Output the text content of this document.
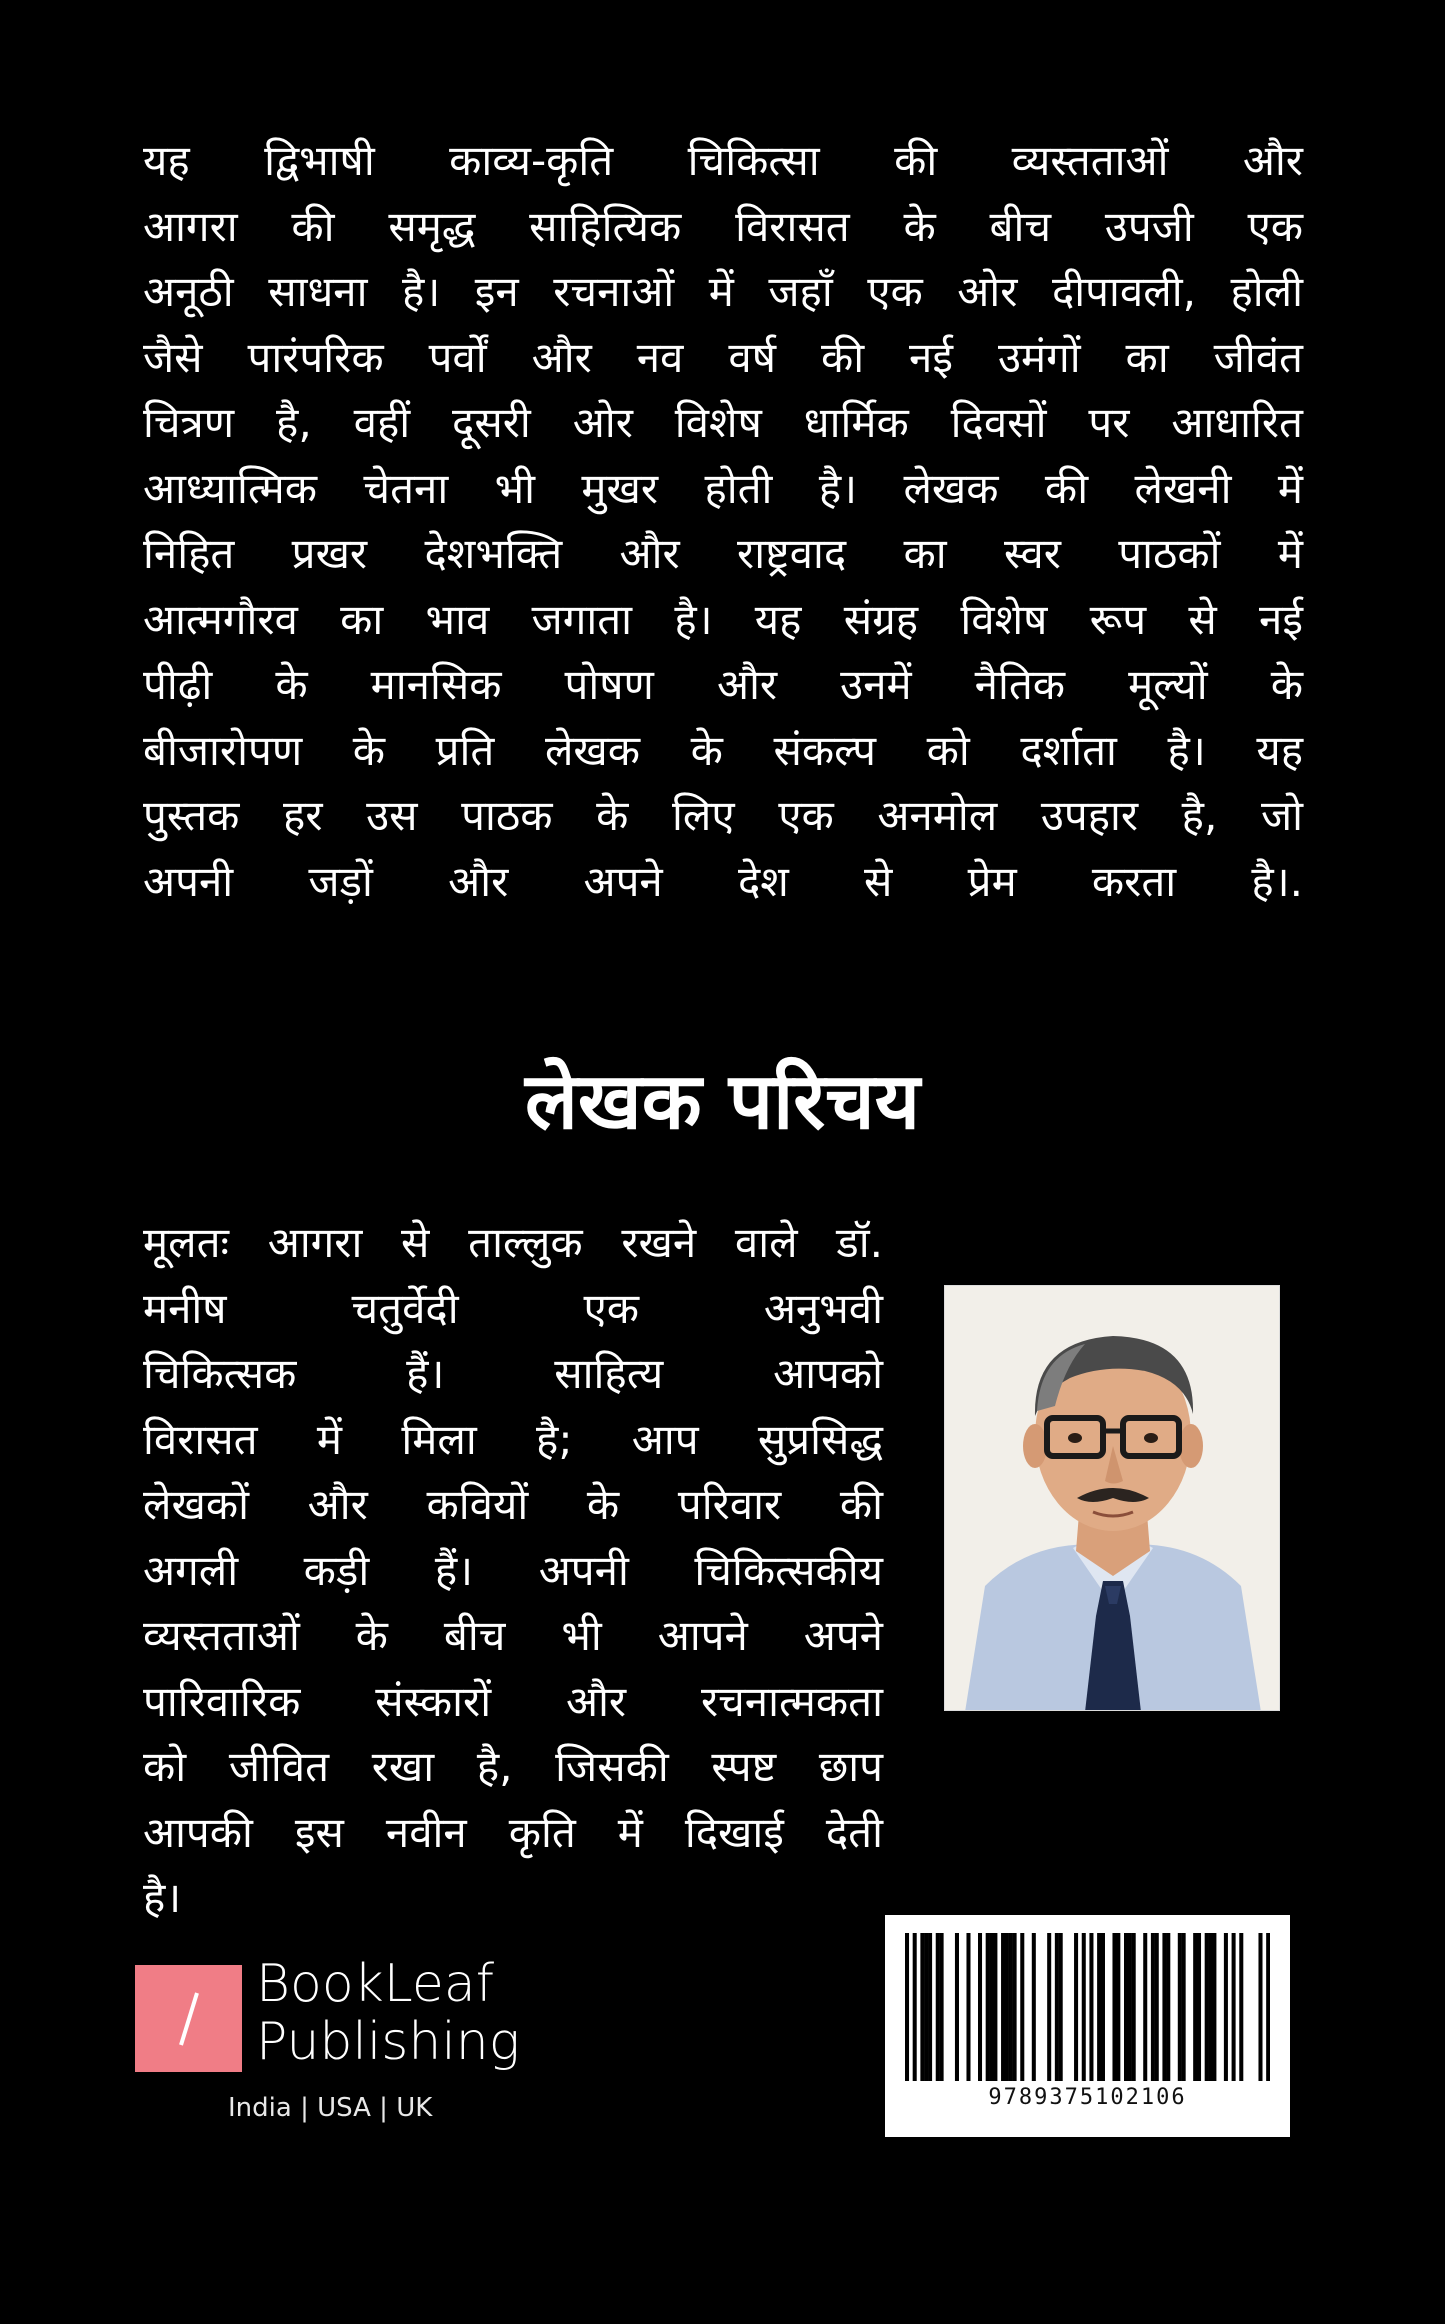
यह द्विभाषी काव्य-कृति चिकित्सा की व्यस्तताओं और
आगरा की समृद्ध साहित्यिक विरासत के बीच उपजी एक
अनूठी साधना है। इन रचनाओं में जहाँ एक ओर दीपावली, होली
जैसे पारंपरिक पर्वों और नव वर्ष की नई उमंगों का जीवंत
चित्रण है, वहीं दूसरी ओर विशेष धार्मिक दिवसों पर आधारित
आध्यात्मिक चेतना भी मुखर होती है। लेखक की लेखनी में
निहित प्रखर देशभक्ति और राष्ट्रवाद का स्वर पाठकों में
आत्मगौरव का भाव जगाता है। यह संग्रह विशेष रूप से नई
पीढ़ी के मानसिक पोषण और उनमें नैतिक मूल्यों के
बीजारोपण के प्रति लेखक के संकल्प को दर्शाता है। यह
पुस्तक हर उस पाठक के लिए एक अनमोल उपहार है, जो
अपनी जड़ों और अपने देश से प्रेम करता है।.
लेखक परिचय
मूलतः आगरा से ताल्लुक रखने वाले डॉ.
मनीष चतुर्वेदी एक अनुभवी
चिकित्सक हैं। साहित्य आपको
विरासत में मिला है; आप सुप्रसिद्ध
लेखकों और कवियों के परिवार की
अगली कड़ी हैं। अपनी चिकित्सकीय
व्यस्तताओं के बीच भी आपने अपने
पारिवारिक संस्कारों और रचनात्मकता
को जीवित रखा है, जिसकी स्पष्ट छाप
आपकी इस नवीन कृति में दिखाई देती
है।
BookLeaf
Publishing
India | USA | UK	9789375102106
